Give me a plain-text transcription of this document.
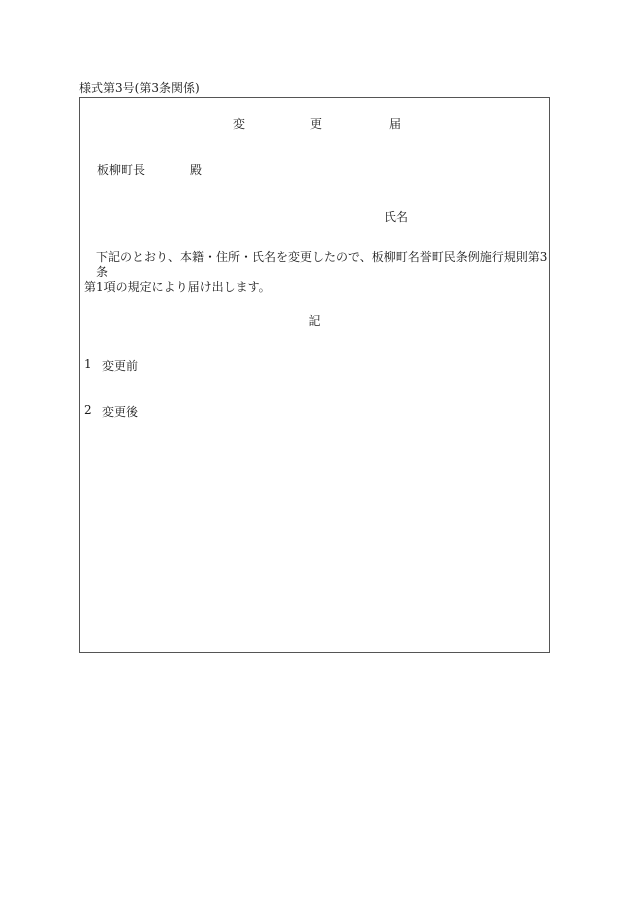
様式第3号(第3条関係)
変	更	届
板柳町長	殿
氏名
下記のとおり、本籍・住所・氏名を変更したので、板柳町名誉町民条例施行規則第3条
第1項の規定により届け出します。
記
1 変更前
2 変更後
